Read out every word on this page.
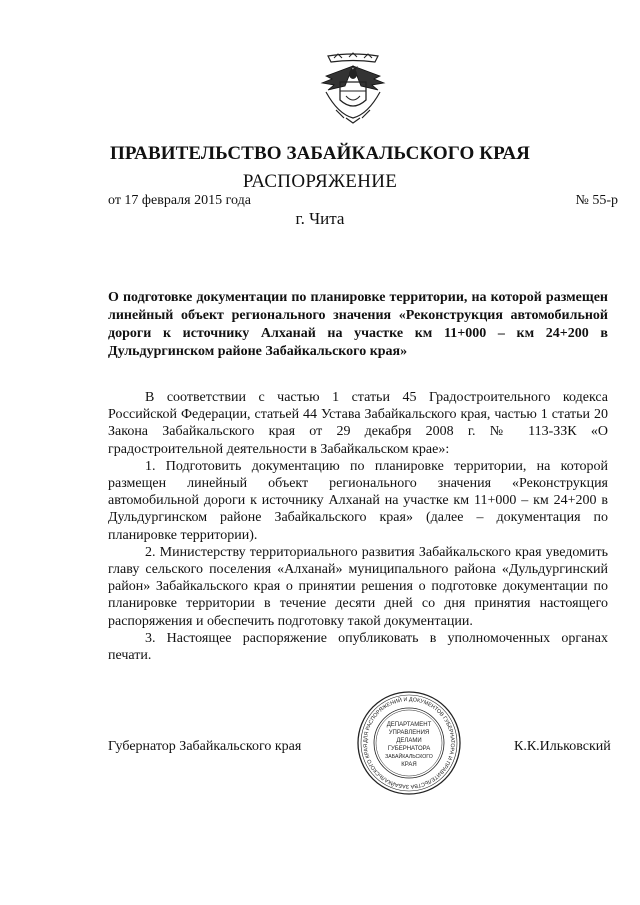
ПРАВИТЕЛЬСТВО ЗАБАЙКАЛЬСКОГО КРАЯ
РАСПОРЯЖЕНИЕ
от 17 февраля 2015 года	№ 55-р
г. Чита
О подготовке документации по планировке территории, на которой размещен линейный объект регионального значения «Реконструкция автомобильной дороги к источнику Алханай на участке км 11+000 – км 24+200 в Дульдургинском районе Забайкальского края»

В соответствии с частью 1 статьи 45 Градостроительного кодекса Российской Федерации, статьей 44 Устава Забайкальского края, частью 1 статьи 20 Закона Забайкальского края от 29 декабря 2008 г. № 113-ЗЗК «О градостроительной деятельности в Забайкальском крае»:

1. Подготовить документацию по планировке территории, на которой размещен линейный объект регионального значения «Реконструкция автомобильной дороги к источнику Алханай на участке км 11+000 – км 24+200 в Дульдургинском районе Забайкальского края» (далее – документация по планировке территории).

2. Министерству территориального развития Забайкальского края уведомить главу сельского поселения «Алханай» муниципального района «Дульдургинский район» Забайкальского края о принятии решения о подготовке документации по планировке территории в течение десяти дней со дня принятия настоящего распоряжения и обеспечить подготовку такой документации.

3. Настоящее распоряжение опубликовать в уполномоченных органах печати.

Губернатор Забайкальского края	ДЛЯ РАСПОРЯЖЕНИЙ И ДОКУМЕНТОВ ГУБЕРНАТОРА И ПРАВИТЕЛЬСТВА ЗАБАЙКАЛЬСКОГО КРАЯ
ДЕПАРТАМЕНТ
УПРАВЛЕНИЯ
ДЕЛАМИ
ГУБЕРНАТОРА
ЗАБАЙКАЛЬСКОГО
КРАЯ
К.К.Ильковский
